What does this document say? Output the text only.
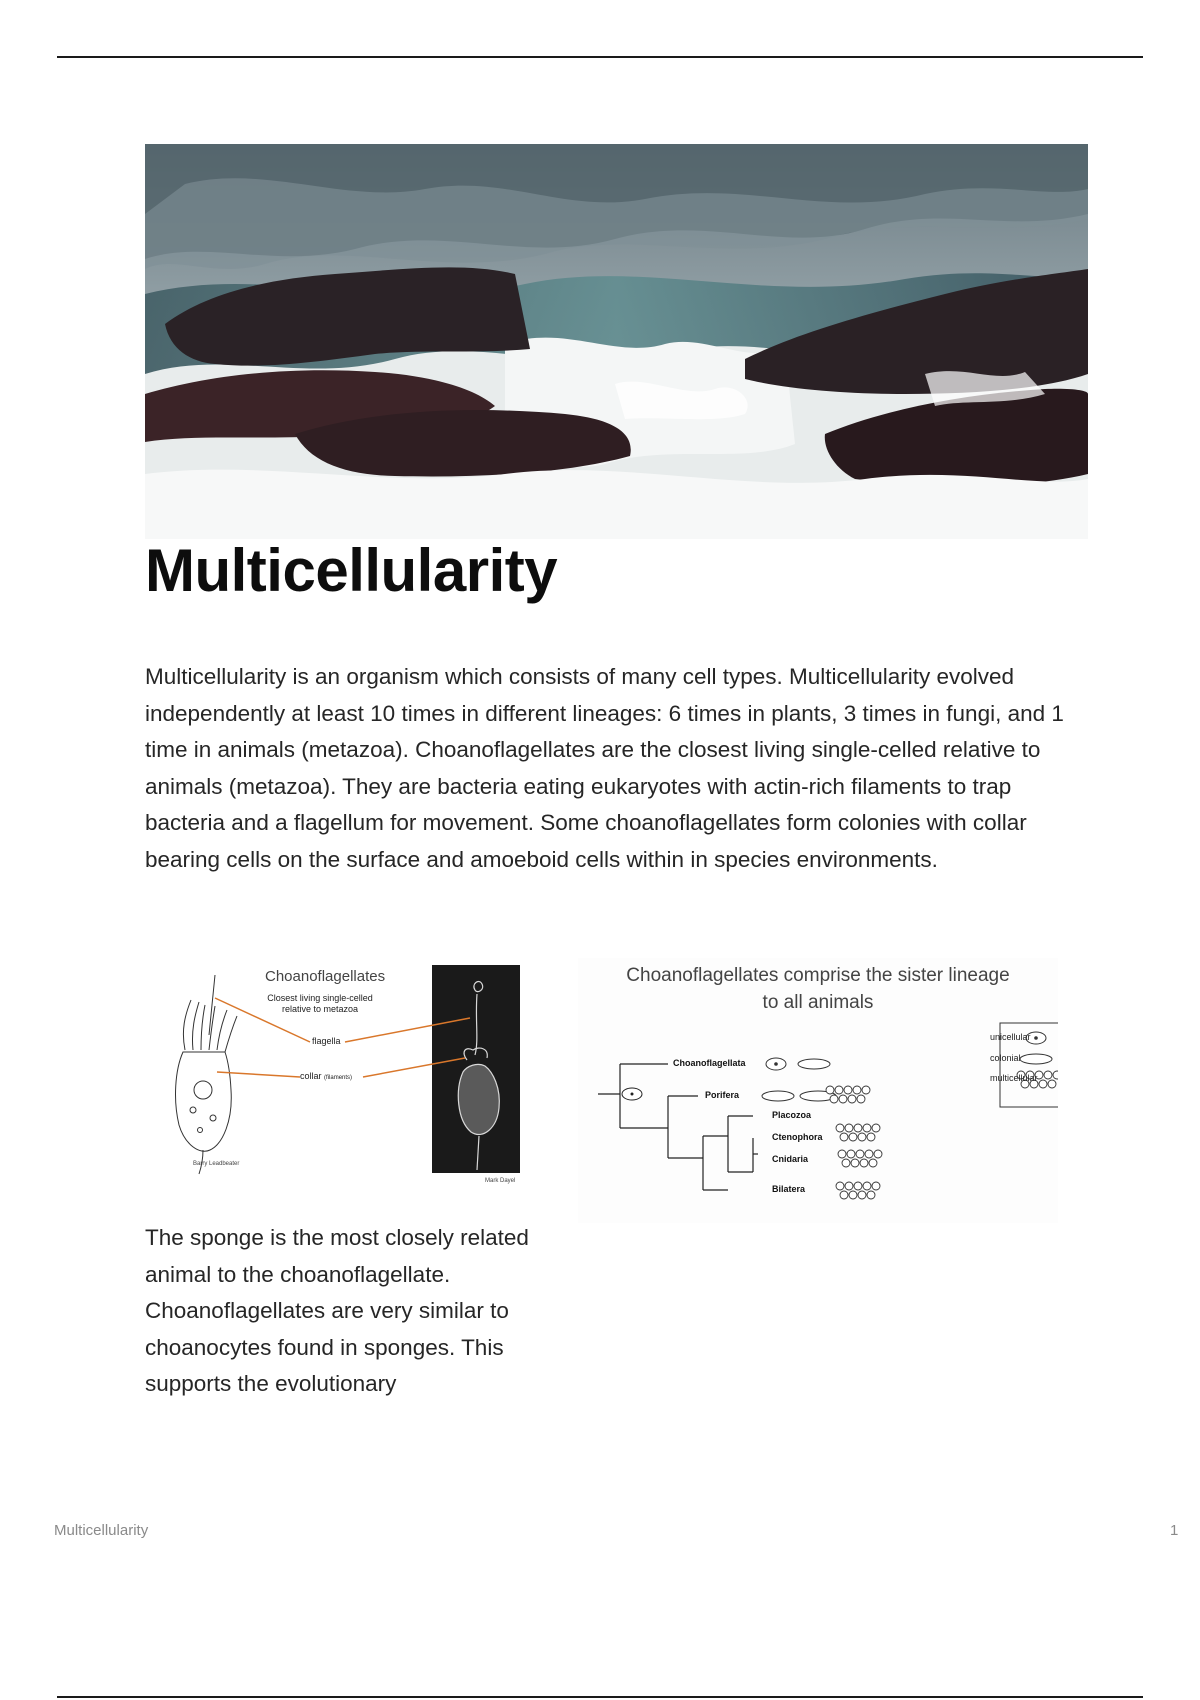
Multicellularity

Multicellularity is an organism which consists of many cell types. Multicellularity evolved independently at least 10 times in different lineages: 6 times in plants, 3 times in fungi, and 1 time in animals (metazoa). Choanoflagellates are the closest living single-celled relative to animals (metazoa). They are bacteria eating eukaryotes with actin-rich filaments to trap bacteria and a flagellum for movement. Some choanoflagellates form colonies with collar bearing cells on the surface and amoeboid cells within in species environments.

Choanoflagellates
Closest living single-celled relative to metazoa
flagella
collar (filaments)
Barry Leadbeater
Mark Dayel
Choanoflagellates comprise the sister lineage to all animals
Choanoflagellata
Porifera
Placozoa
Ctenophora
Cnidaria
Bilatera
unicellular
colonial
multicellular

The sponge is the most closely related animal to the choanoflagellate. Choanoflagellates are very similar to choanocytes found in sponges. This supports the evolutionary

Multicellularity	1
